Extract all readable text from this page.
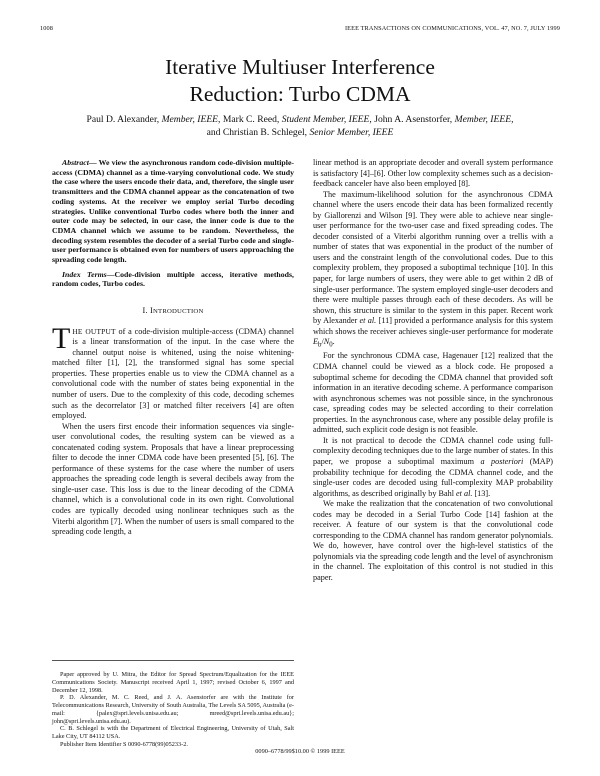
1008	IEEE TRANSACTIONS ON COMMUNICATIONS, VOL. 47, NO. 7, JULY 1999
Iterative Multiuser Interference
Reduction: Turbo CDMA
Paul D. Alexander, Member, IEEE, Mark C. Reed, Student Member, IEEE, John A. Asenstorfer, Member, IEEE,
and Christian B. Schlegel, Senior Member, IEEE

Abstract— We view the asynchronous random code-division multiple-access (CDMA) channel as a time-varying convolutional code. We study the case where the users encode their data, and, therefore, the single user transmitters and the CDMA channel appear as the concatenation of two coding systems. At the receiver we employ serial Turbo decoding strategies. Unlike conventional Turbo codes where both the inner and outer code may be selected, in our case, the inner code is due to the CDMA channel which we assume to be random. Nevertheless, the decoding system resembles the decoder of a serial Turbo code and single-user performance is obtained even for numbers of users approaching the spreading code length.

Index Terms—Code-division multiple access, iterative methods, random codes, Turbo codes.

I. INTRODUCTION

THE OUTPUT of a code-division multiple-access (CDMA) channel is a linear transformation of the input. In the case where the channel output noise is whitened, using the noise whitening-matched filter [1], [2], the transformed signal has some special properties. These properties enable us to view the CDMA channel as a convolutional code with the number of states being exponential in the number of users. Due to the complexity of this code, decoding schemes such as the decorrelator [3] or matched filter receivers [4] are often employed.

When the users first encode their information sequences via single-user convolutional codes, the resulting system can be viewed as a concatenated coding system. Proposals that have a linear preprocessing filter to decode the inner CDMA code have been presented [5], [6]. The performance of these systems for the case where the number of users approaches the spreading code length is several decibels away from the single-user case. This loss is due to the linear decoding of the CDMA channel, which is a convolutional code in its own right. Convolutional codes are typically decoded using nonlinear techniques such as the Viterbi algorithm [7]. When the number of users is small compared to the spreading code length, a

linear method is an appropriate decoder and overall system performance is satisfactory [4]–[6]. Other low complexity schemes such as a decision-feedback canceler have also been employed [8].

The maximum-likelihood solution for the asynchronous CDMA channel where the users encode their data has been formalized recently by Giallorenzi and Wilson [9]. They were able to achieve near single-user performance for the two-user case and fixed spreading codes. The decoder consisted of a Viterbi algorithm running over a trellis with a number of states that was exponential in the product of the number of users and the constraint length of the convolutional codes. Due to this complexity problem, they proposed a suboptimal technique [10]. In this paper, for large numbers of users, they were able to get within 2 dB of single-user performance. The system employed single-user decoders and there were multiple passes through each of these decoders. As will be shown, this structure is similar to the system in this paper. Recent work by Alexander et al. [11] provided a performance analysis for this system which shows the receiver achieves single-user performance for moderate $E_b/N_0$.

For the synchronous CDMA case, Hagenauer [12] realized that the CDMA channel could be viewed as a block code. He proposed a suboptimal scheme for decoding the CDMA channel that provided soft information in an iterative decoding scheme. A performance comparison with asynchronous schemes was not possible since, in the synchronous case, spreading codes may be selected according to their correlation properties. In the asynchronous case, where any possible delay profile is admitted, such explicit code design is not feasible.

It is not practical to decode the CDMA channel code using full-complexity decoding techniques due to the large number of states. In this paper, we propose a suboptimal maximum a posteriori (MAP) probability technique for decoding the CDMA channel code, and the single-user codes are decoded using full-complexity MAP probability algorithms, as described originally by Bahl et al. [13].

We make the realization that the concatenation of two convolutional codes may be decoded in a Serial Turbo Code [14] fashion at the receiver. A feature of our system is that the convolutional code corresponding to the CDMA channel has random generator polynomials. We do, however, have control over the high-level statistics of the polynomials via the spreading code length and the level of asynchronism in the channel. The exploitation of this control is not studied in this paper.

Paper approved by U. Mitra, the Editor for Spread Spectrum/Equalization for the IEEE Communications Society. Manuscript received April 1, 1997; revised October 6, 1997 and December 12, 1998.

P. D. Alexander, M. C. Reed, and J. A. Asenstorfer are with the Institute for Telecommunications Research, University of South Australia, The Levels SA 5095, Australia (e-mail: {paleх@spri.levels.unisa.edu.au; mreed@spri.levels.unisa.edu.au}; john@spri.levels.unisa.edu.au).

C. B. Schlegel is with the Department of Electrical Engineering, University of Utah, Salt Lake City, UT 84112 USA.

Publisher Item Identifier S 0090-6778(99)05233-2.

0090–6778/99$10.00 © 1999 IEEE
